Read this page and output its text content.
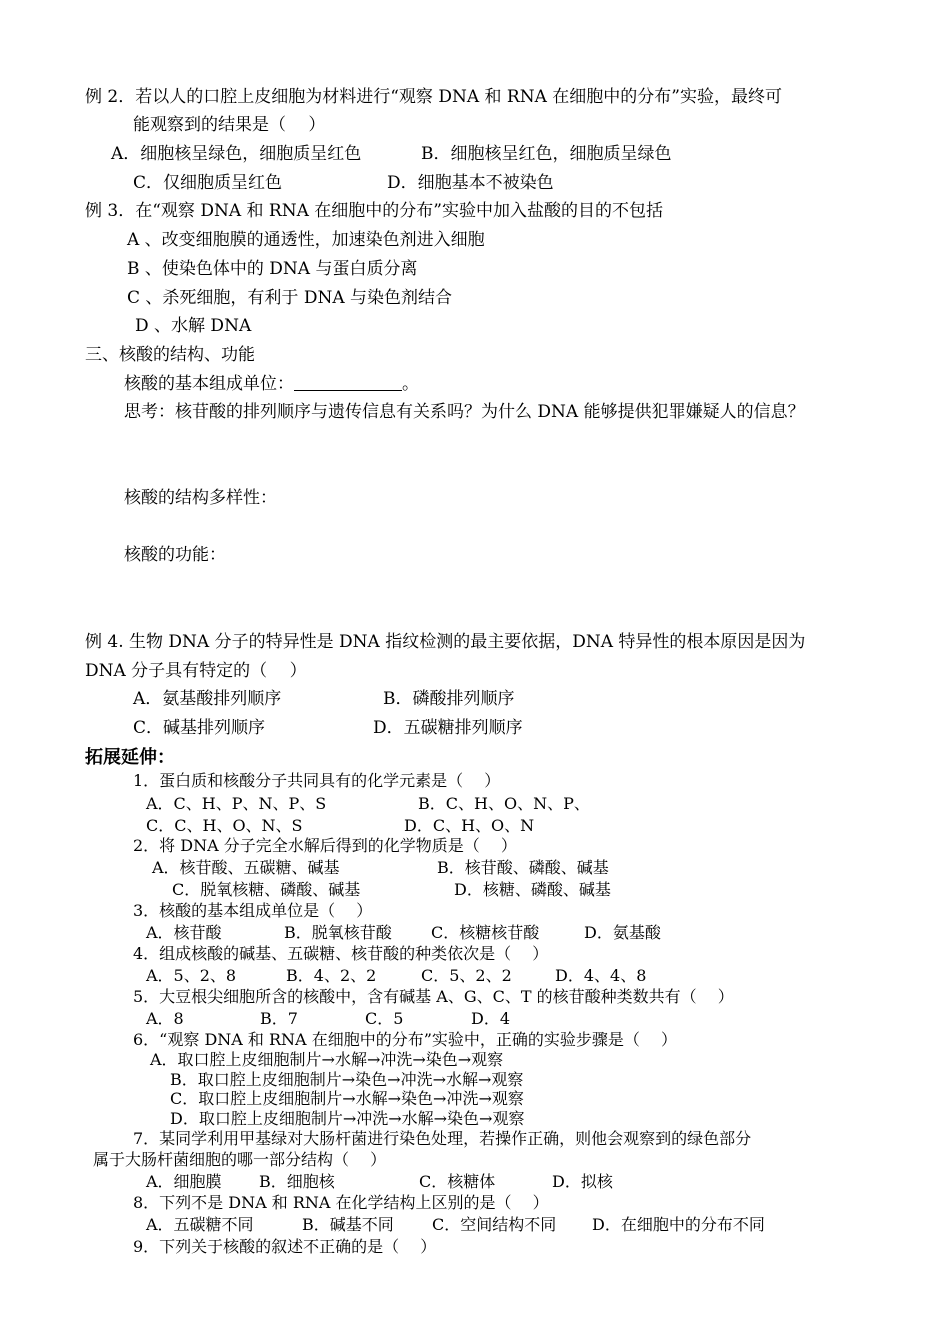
例 2．若以人的口腔上皮细胞为材料进行“观察 DNA 和 RNA 在细胞中的分布”实验，最终可
能观察到的结果是（　 ）
A．细胞核呈绿色，细胞质呈红色	B．细胞核呈红色，细胞质呈绿色
C．仅细胞质呈红色	D．细胞基本不被染色
例 3．在“观察 DNA 和 RNA 在细胞中的分布”实验中加入盐酸的目的不包括
A 、改变细胞膜的通透性，加速染色剂进入细胞
B 、使染色体中的 DNA 与蛋白质分离
C 、杀死细胞，有利于 DNA 与染色剂结合
D 、水解 DNA
三、核酸的结构、功能
核酸的基本组成单位：	。
思考：核苷酸的排列顺序与遗传信息有关系吗？为什么 DNA 能够提供犯罪嫌疑人的信息？
核酸的结构多样性：
核酸的功能：
例 4. 生物 DNA 分子的特异性是 DNA 指纹检测的最主要依据，DNA 特异性的根本原因是因为
DNA 分子具有特定的（　 ）
A．氨基酸排列顺序	B．磷酸排列顺序
C．碱基排列顺序	D．五碳糖排列顺序
拓展延伸：
1．蛋白质和核酸分子共同具有的化学元素是（　 ）
A．C、H、P、N、P、S	B．C、H、O、N、P、
C．C、H、O、N、S	D．C、H、O、N
2．将 DNA 分子完全水解后得到的化学物质是（　 ）
A．核苷酸、五碳糖、碱基	B．核苷酸、磷酸、碱基
C．脱氧核糖、磷酸、碱基	D．核糖、磷酸、碱基
3．核酸的基本组成单位是（　 ）
A．核苷酸	B．脱氧核苷酸 C．核糖核苷酸	D．氨基酸
4．组成核酸的碱基、五碳糖、核苷酸的种类依次是（　 ）
A．5、2、8	B．4、2、2	C．5、2、2	D．4、4、8
5．大豆根尖细胞所含的核酸中，含有碱基 A、G、C、T 的核苷酸种类数共有（　 ）
A．8	B．7	C．5	D．4
6．“观察 DNA 和 RNA 在细胞中的分布”实验中，正确的实验步骤是（　 ）
A．取口腔上皮细胞制片→水解→冲洗→染色→观察
B．取口腔上皮细胞制片→染色→冲洗→水解→观察
C．取口腔上皮细胞制片→水解→染色→冲洗→观察
D．取口腔上皮细胞制片→冲洗→水解→染色→观察
7．某同学利用甲基绿对大肠杆菌进行染色处理，若操作正确，则他会观察到的绿色部分
属于大肠杆菌细胞的哪一部分结构（　 ）
A．细胞膜 B．细胞核	C．核糖体	D．拟核
8．下列不是 DNA 和 RNA 在化学结构上区别的是（　 ）
A．五碳糖不同	B．碱基不同 C．空间结构不同 D．在细胞中的分布不同
9．下列关于核酸的叙述不正确的是（　 ）
